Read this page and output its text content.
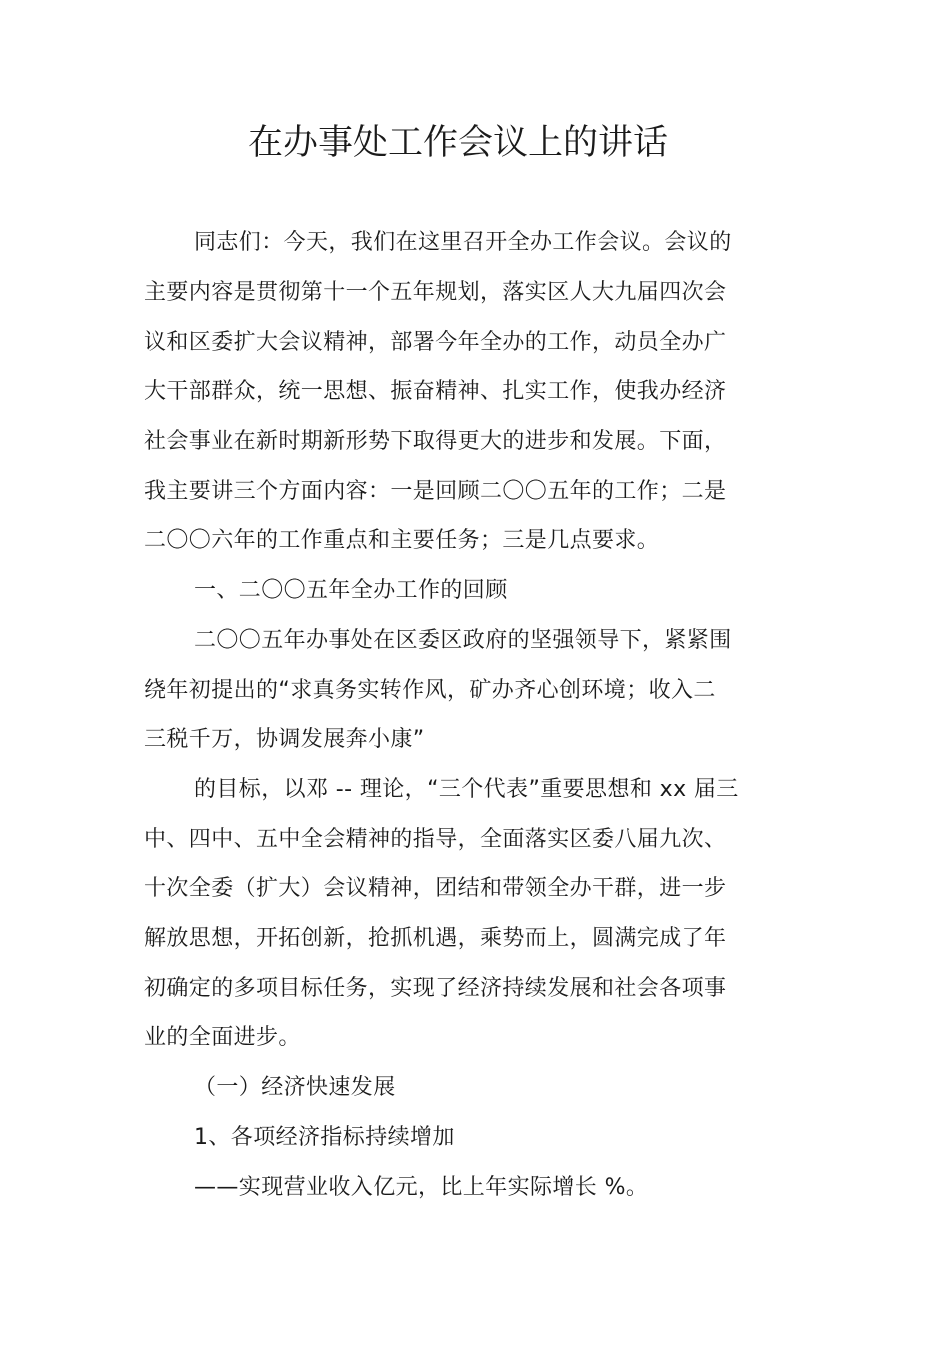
在办事处工作会议上的讲话
同志们：今天，我们在这里召开全办工作会议。会议的
主要内容是贯彻第十一个五年规划，落实区人大九届四次会
议和区委扩大会议精神，部署今年全办的工作，动员全办广
大干部群众，统一思想、振奋精神、扎实工作，使我办经济
社会事业在新时期新形势下取得更大的进步和发展。下面，
我主要讲三个方面内容：一是回顾二〇〇五年的工作；二是
二〇〇六年的工作重点和主要任务；三是几点要求。
一、二〇〇五年全办工作的回顾
二〇〇五年办事处在区委区政府的坚强领导下，紧紧围
绕年初提出的“求真务实转作风，矿办齐心创环境；收入二
三税千万，协调发展奔小康”
的目标，以邓 -- 理论，“三个代表”重要思想和 xx 届三
中、四中、五中全会精神的指导，全面落实区委八届九次、
十次全委（扩大）会议精神，团结和带领全办干群，进一步
解放思想，开拓创新，抢抓机遇，乘势而上，圆满完成了年
初确定的多项目标任务，实现了经济持续发展和社会各项事
业的全面进步。
（一）经济快速发展
1、各项经济指标持续增加
——实现营业收入亿元，比上年实际增长 %。
